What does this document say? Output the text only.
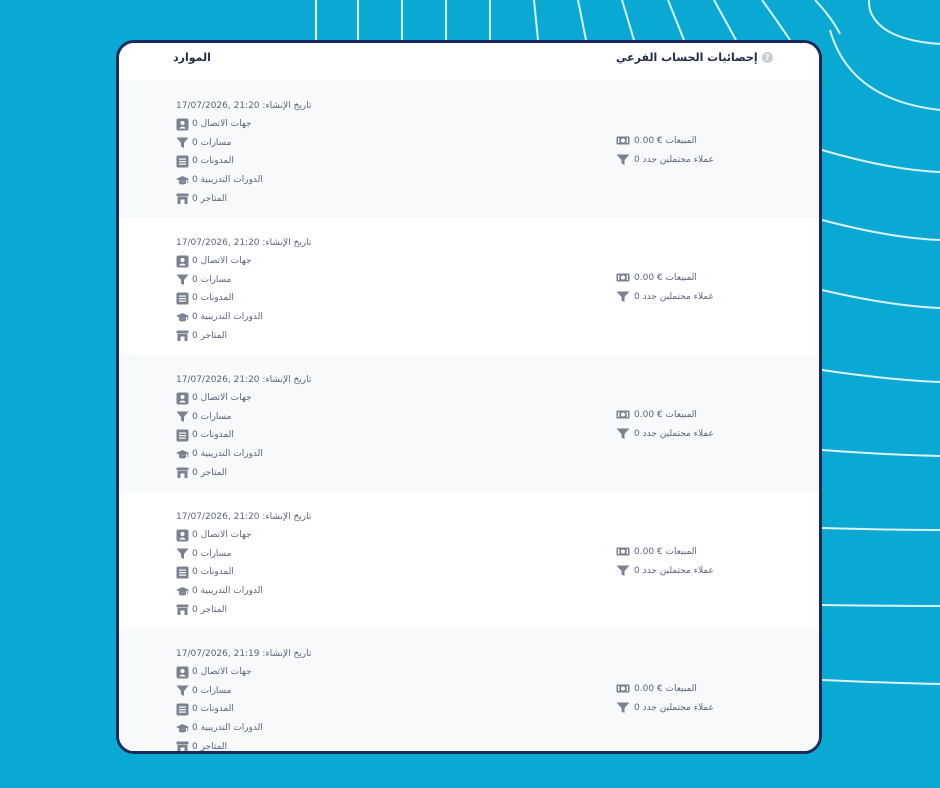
الموارد	?
إحصائيات الحساب الفرعي
17/07/2026, 21:20 :تاريخ الإنشاء
جهات الاتصال 0
مسارات 0
المدونات 0
الدورات التدريبية 0
المتاجر 0
المبيعات € 0.00
عملاء محتملين جدد 0
17/07/2026, 21:20 :تاريخ الإنشاء
جهات الاتصال 0
مسارات 0
المدونات 0
الدورات التدريبية 0
المتاجر 0
المبيعات € 0.00
عملاء محتملين جدد 0
17/07/2026, 21:20 :تاريخ الإنشاء
جهات الاتصال 0
مسارات 0
المدونات 0
الدورات التدريبية 0
المتاجر 0
المبيعات € 0.00
عملاء محتملين جدد 0
17/07/2026, 21:20 :تاريخ الإنشاء
جهات الاتصال 0
مسارات 0
المدونات 0
الدورات التدريبية 0
المتاجر 0
المبيعات € 0.00
عملاء محتملين جدد 0
17/07/2026, 21:19 :تاريخ الإنشاء
جهات الاتصال 0
مسارات 0
المدونات 0
الدورات التدريبية 0
المتاجر 0
المبيعات € 0.00
عملاء محتملين جدد 0
